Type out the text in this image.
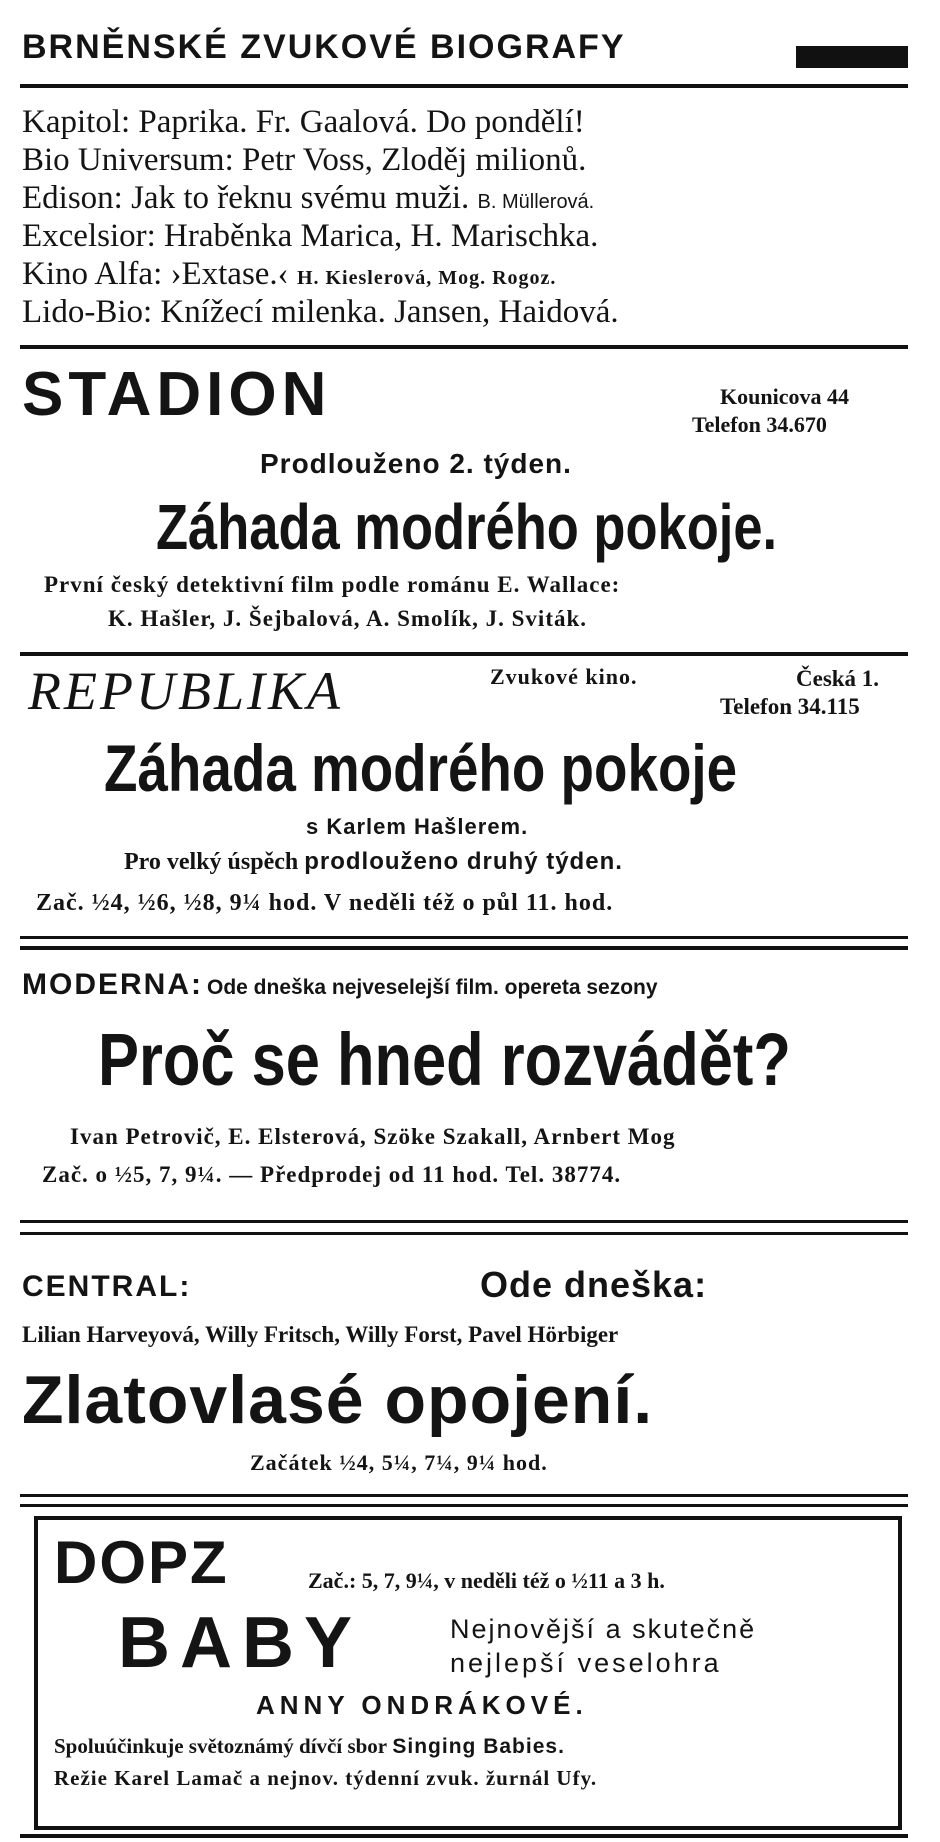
BRNĚNSKÉ ZVUKOVÉ BIOGRAFY
Kapitol: Paprika. Fr. Gaalová. Do pondělí!
Bio Universum: Petr Voss, Zloděj milionů.
Edison: Jak to řeknu svému muži. B. Müllerová.
Excelsior: Hraběnka Marica, H. Marischka.
Kino Alfa: ›Extase.‹ H. Kieslerová, Mog. Rogoz.
Lido-Bio: Knížecí milenka. Jansen, Haidová.
STADION	Kounicova 44
Telefon 34.670
Prodlouženo 2. týden.
Záhada modrého pokoje.
První český detektivní film podle románu E. Wallace:
K. Hašler, J. Šejbalová, A. Smolík, J. Sviták.
REPUBLIKA	Zvukové kino.	Česká 1.
Telefon 34.115
Záhada modrého pokoje
s Karlem Hašlerem.
Pro velký úspěch prodlouženo druhý týden.
Zač. ½4, ½6, ½8, 9¼ hod. V neděli též o půl 11. hod.
MODERNA: Ode dneška nejveselejší film. opereta sezony
Proč se hned rozvádět?
Ivan Petrovič, E. Elsterová, Szöke Szakall, Arnbert Mog
Zač. o ½5, 7, 9¼. — Předprodej od 11 hod. Tel. 38774.
CENTRAL:	Ode dneška:
Lilian Harveyová, Willy Fritsch, Willy Forst, Pavel Hörbiger
Zlatovlasé opojení.
Začátek ½4, 5¼, 7¼, 9¼ hod.
DOPZ	Zač.: 5, 7, 9¼, v neděli též o ½11 a 3 h.
BABY	Nejnovější a skutečně
nejlepší veselohra
ANNY ONDRÁKOVÉ.
Spoluúčinkuje světoznámý dívčí sbor Singing Babies.
Režie Karel Lamač a nejnov. týdenní zvuk. žurnál Ufy.
